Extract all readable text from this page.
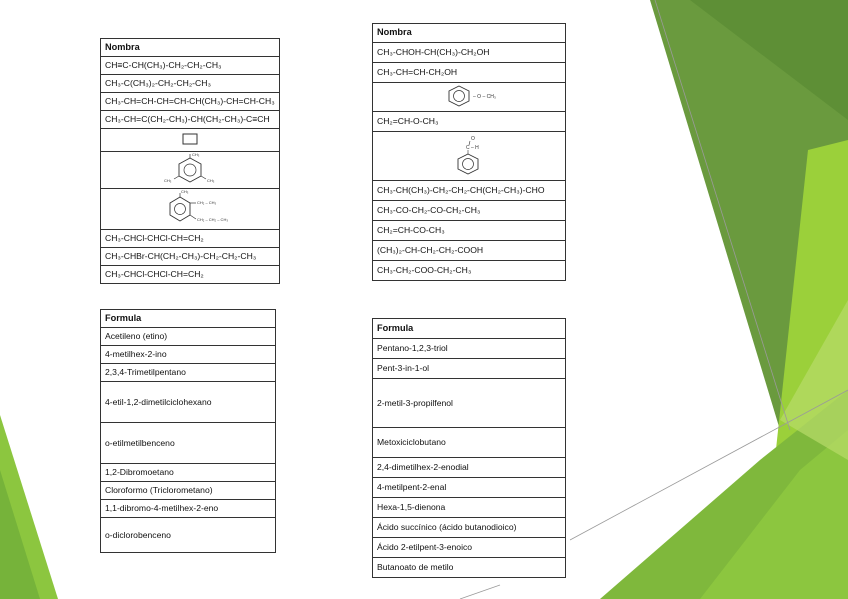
Nombra
CH≡C-CH(CH₃)-CH₂-CH₂-CH₃
CH₃-C(CH₃)₂-CH₂-CH₂-CH₃
CH₃-CH=CH-CH=CH-CH(CH₃)-CH=CH-CH₃
CH₃-CH=C(CH₂-CH₃)-CH(CH₂-CH₃)-C≡CH

CH₃
CH₃	CH₃

CH₃
CH₂ – CH₃
CH₂ – CH₂ – CH₃

CH₃-CHCl-CHCl-CH=CH₂
CH₃-CHBr-CH(CH₂-CH₃)-CH₂-CH₂-CH₃
CH₃-CHCl-CHCl-CH=CH₂
Formula
Acetileno (etino)
4-metilhex-2-ino
2,3,4-Trimetilpentano
4-etil-1,2-dimetilciclohexano
o-etilmetilbenceno
1,2-Dibromoetano
Cloroformo (Triclorometano)
1,1-dibromo-4-metilhex-2-eno
o-diclorobenceno
Nombra
CH₃-CHOH-CH(CH₃)-CH₂OH
CH₃-CH=CH-CH₂OH

– O – CH₃

CH₂=CH-O-CH₃

O
C – H

CH₃-CH(CH₃)-CH₂-CH₂-CH(CH₂-CH₃)-CHO
CH₃-CO-CH₂-CO-CH₂-CH₃
CH₂=CH-CO-CH₃
(CH₃)₂-CH-CH₂-CH₂-COOH
CH₃-CH₂-COO-CH₂-CH₃
Formula
Pentano-1,2,3-triol
Pent-3-in-1-ol
2-metil-3-propilfenol
Metoxiciclobutano
2,4-dimetilhex-2-enodial
4-metilpent-2-enal
Hexa-1,5-dienona
Ácido succínico (ácido butanodioico)
Ácido 2-etilpent-3-enoico
Butanoato de metilo
